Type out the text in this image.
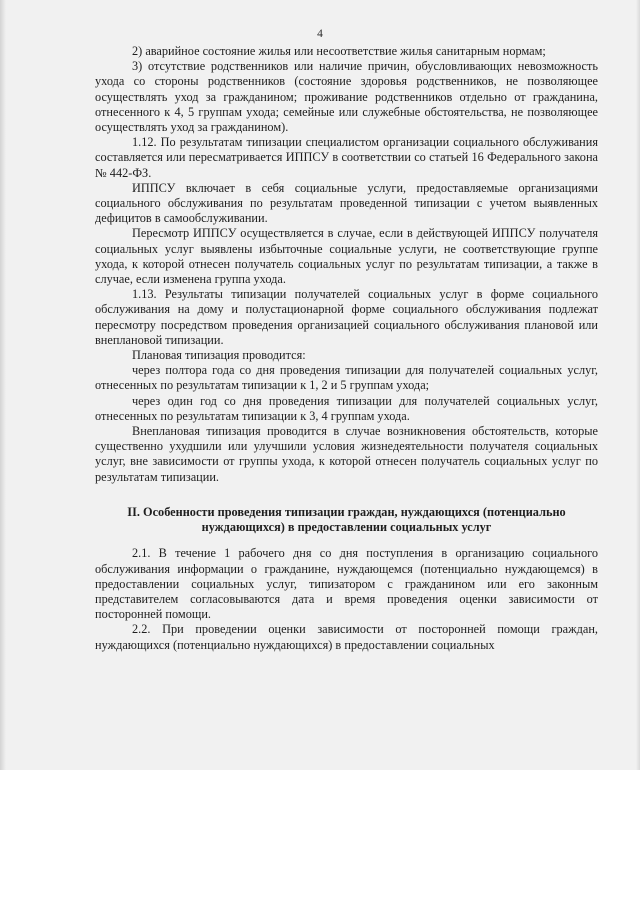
4

2) аварийное состояние жилья или несоответствие жилья санитарным нормам;

3) отсутствие родственников или наличие причин, обусловливающих невозможность ухода со стороны родственников (состояние здоровья родственников, не позволяющее осуществлять уход за гражданином; проживание родственников отдельно от гражданина, отнесенного к 4, 5 группам ухода; семейные или служебные обстоятельства, не позволяющее осуществлять уход за гражданином).

1.12. По результатам типизации специалистом организации социального обслуживания составляется или пересматривается ИППСУ в соответствии со статьей 16 Федерального закона № 442-ФЗ.

ИППСУ включает в себя социальные услуги, предоставляемые организациями социального обслуживания по результатам проведенной типизации с учетом выявленных дефицитов в самообслуживании.

Пересмотр ИППСУ осуществляется в случае, если в действующей ИППСУ получателя социальных услуг выявлены избыточные социальные услуги, не соответствующие группе ухода, к которой отнесен получатель социальных услуг по результатам типизации, а также в случае, если изменена группа ухода.

1.13. Результаты типизации получателей социальных услуг в форме социального обслуживания на дому и полустационарной форме социального обслуживания подлежат пересмотру посредством проведения организацией социального обслуживания плановой или внеплановой типизации.

Плановая типизация проводится:

через полтора года со дня проведения типизации для получателей социальных услуг, отнесенных по результатам типизации к 1, 2 и 5 группам ухода;

через один год со дня проведения типизации для получателей социальных услуг, отнесенных по результатам типизации к 3, 4 группам ухода.

Внеплановая типизация проводится в случае возникновения обстоятельств, которые существенно ухудшили или улучшили условия жизнедеятельности получателя социальных услуг, вне зависимости от группы ухода, к которой отнесен получатель социальных услуг по результатам типизации.

II. Особенности проведения типизации граждан, нуждающихся (потенциально нуждающихся) в предоставлении социальных услуг

2.1. В течение 1 рабочего дня со дня поступления в организацию социального обслуживания информации о гражданине, нуждающемся (потенциально нуждающемся) в предоставлении социальных услуг, типизатором с гражданином или его законным представителем согласовываются дата и время проведения оценки зависимости от посторонней помощи.

2.2. При проведении оценки зависимости от посторонней помощи граждан, нуждающихся (потенциально нуждающихся) в предоставлении социальных
